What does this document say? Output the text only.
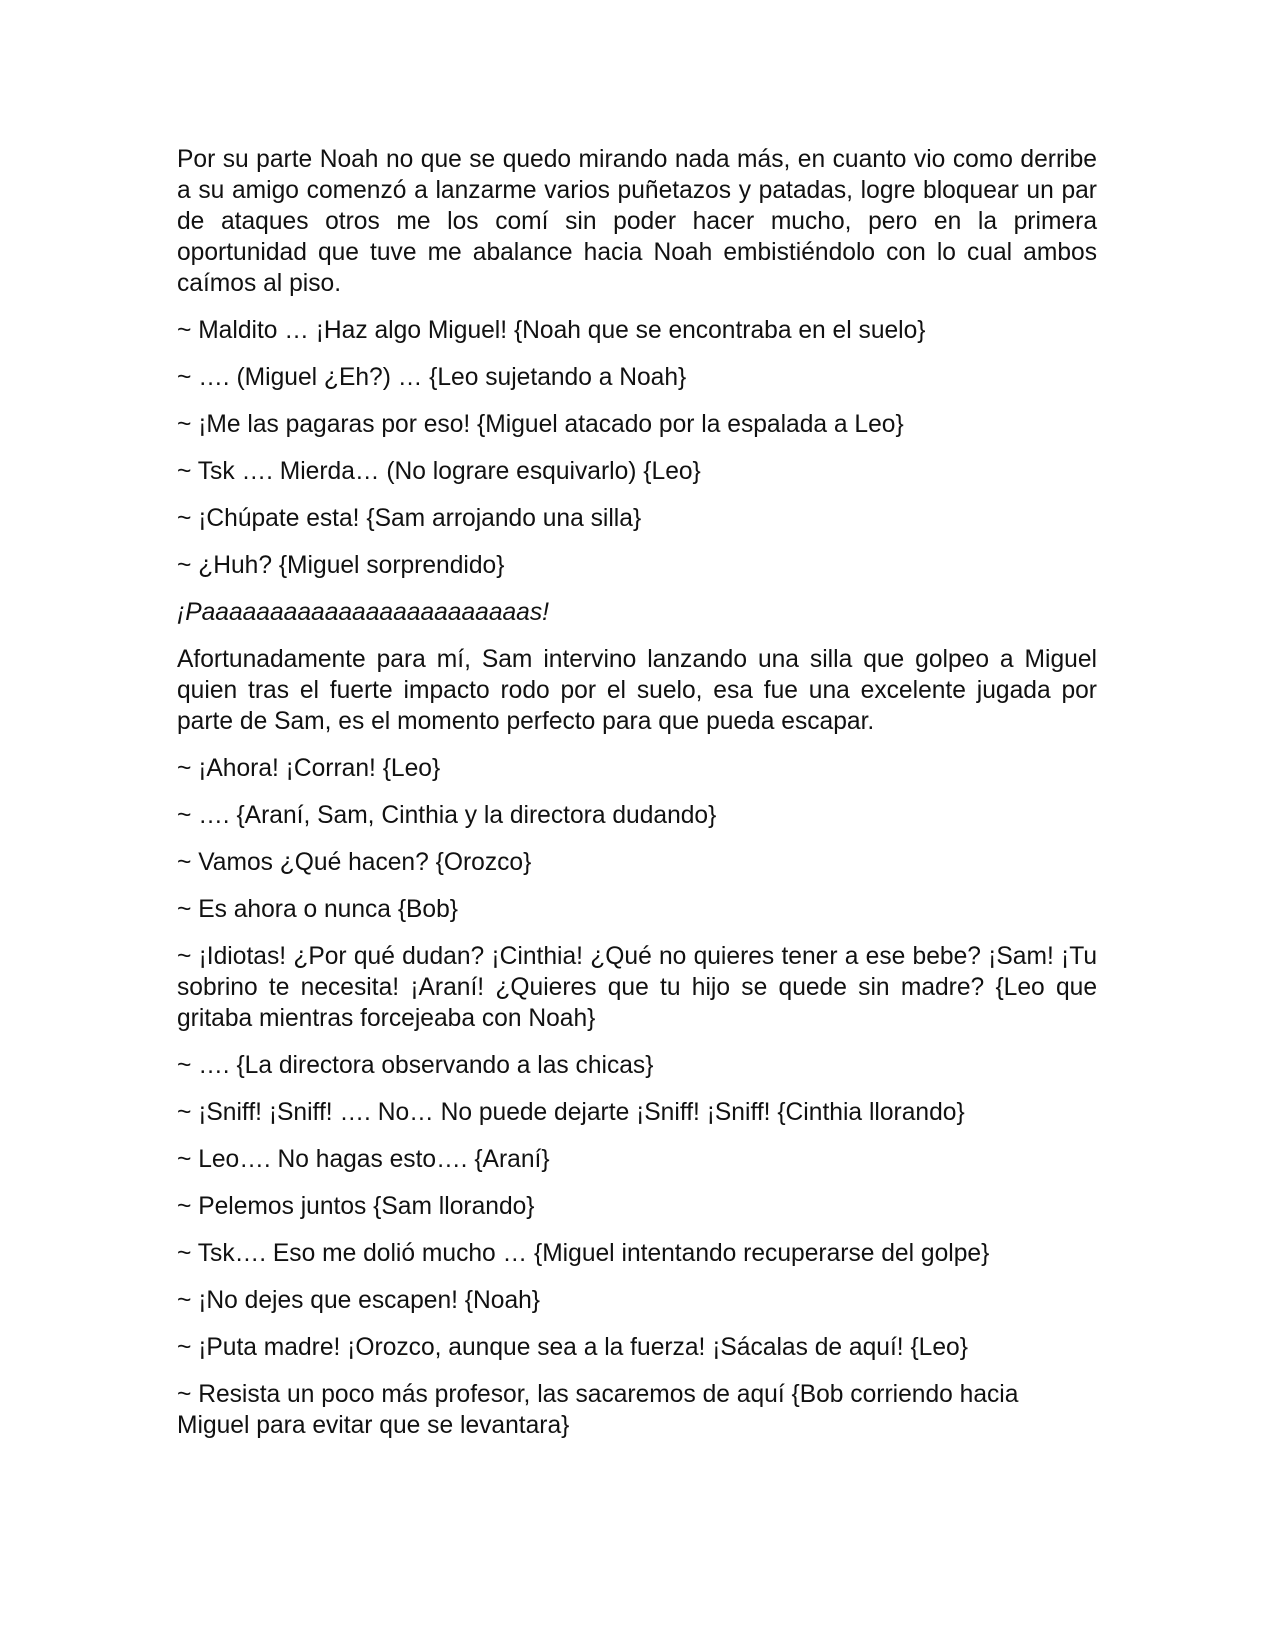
Por su parte Noah no que se quedo mirando nada más, en cuanto vio como derribe a su amigo comenzó a lanzarme varios puñetazos y patadas, logre bloquear un par de ataques otros me los comí sin poder hacer mucho, pero en la primera oportunidad que tuve me abalance hacia Noah embistiéndolo con lo cual ambos caímos al piso.

~ Maldito … ¡Haz algo Miguel! {Noah que se encontraba en el suelo}

~ …. (Miguel ¿Eh?) … {Leo sujetando a Noah}

~ ¡Me las pagaras por eso! {Miguel atacado por la espalada a Leo}

~ Tsk …. Mierda… (No lograre esquivarlo) {Leo}

~ ¡Chúpate esta! {Sam arrojando una silla}

~ ¿Huh? {Miguel sorprendido}

¡Paaaaaaaaaaaaaaaaaaaaaaaas!

Afortunadamente para mí, Sam intervino lanzando una silla que golpeo a Miguel quien tras el fuerte impacto rodo por el suelo, esa fue una excelente jugada por parte de Sam, es el momento perfecto para que pueda escapar.

~ ¡Ahora! ¡Corran! {Leo}

~ …. {Araní, Sam, Cinthia y la directora dudando}

~ Vamos ¿Qué hacen? {Orozco}

~ Es ahora o nunca {Bob}

~ ¡Idiotas! ¿Por qué dudan? ¡Cinthia! ¿Qué no quieres tener a ese bebe? ¡Sam! ¡Tu sobrino te necesita! ¡Araní! ¿Quieres que tu hijo se quede sin madre? {Leo que gritaba mientras forcejeaba con Noah}

~ …. {La directora observando a las chicas}

~ ¡Sniff! ¡Sniff! …. No… No puede dejarte ¡Sniff! ¡Sniff! {Cinthia llorando}

~ Leo…. No hagas esto…. {Araní}

~ Pelemos juntos {Sam llorando}

~ Tsk…. Eso me dolió mucho … {Miguel intentando recuperarse del golpe}

~ ¡No dejes que escapen! {Noah}

~ ¡Puta madre! ¡Orozco, aunque sea a la fuerza! ¡Sácalas de aquí! {Leo}

~ Resista un poco más profesor, las sacaremos de aquí {Bob corriendo hacia Miguel para evitar que se levantara}
